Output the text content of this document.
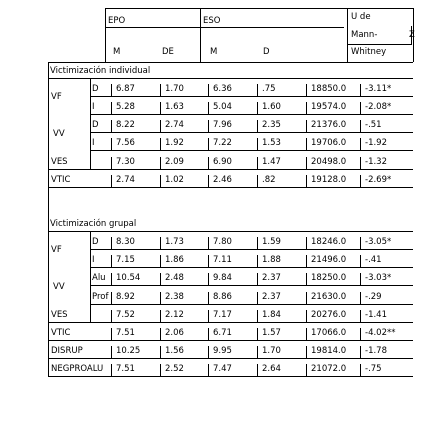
EPO	ESO	U de
Mann-
Whitney
Z
M	DE	M	D
Victimización individual
Victimización grupal
VF
VV
VF
VV
D 6.87	1.70	6.36	.75	18850.0 -3.11*
I	5.28	1.63	5.04	1.60	19574.0 -2.08*
D 8.22	2.74	7.96	2.35	21376.0 -.51
I	7.56	1.92	7.22	1.53	19706.0 -1.92
VES	7.30	2.09	6.90	1.47	20498.0 -1.32
VTIC	2.74	1.02	2.46	.82	19128.0 -2.69*
D 8.30	1.73	7.80	1.59	18246.0 -3.05*
I	7.15	1.86	7.11	1.88	21496.0 -.41
Alu 10.54	2.48	9.84	2.37	18250.0 -3.03*
Prof 8.92	2.38	8.86	2.37	21630.0 -.29
VES	7.52	2.12	7.17	1.84	20276.0 -1.41
VTIC	7.51	2.06	6.71	1.57	17066.0 -4.02**
DISRUP	10.25	1.56	9.95	1.70	19814.0 -1.78
NEGPROALU 7.51	2.52	7.47	2.64	21072.0 -.75
